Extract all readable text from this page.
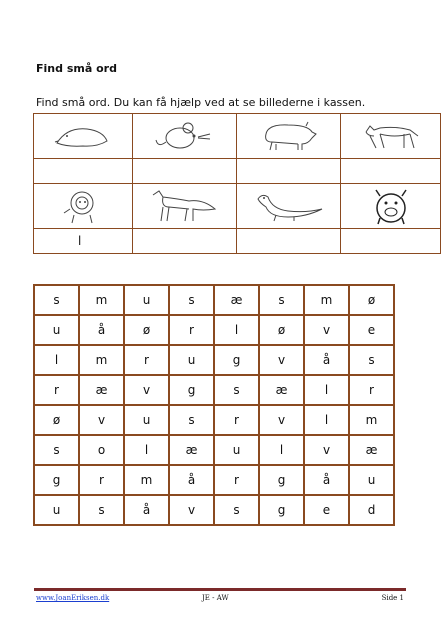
Find små ord
Find små ord. Du kan få hjælp ved at se billederne i kassen.

l			
s	m	u	s	æ	s	m	ø
u	å	ø	r	l	ø	v	e
l	m	r	u	g	v	å	s
r	æ	v	g	s	æ	l	r
ø	v	u	s	r	v	l	m
s	o	l	æ	u	l	v	æ
g	r	m	å	r	g	å	u
u	s	å	v	s	g	e	d
www.JoanEriksen.dk	JE - AW	Side 1
